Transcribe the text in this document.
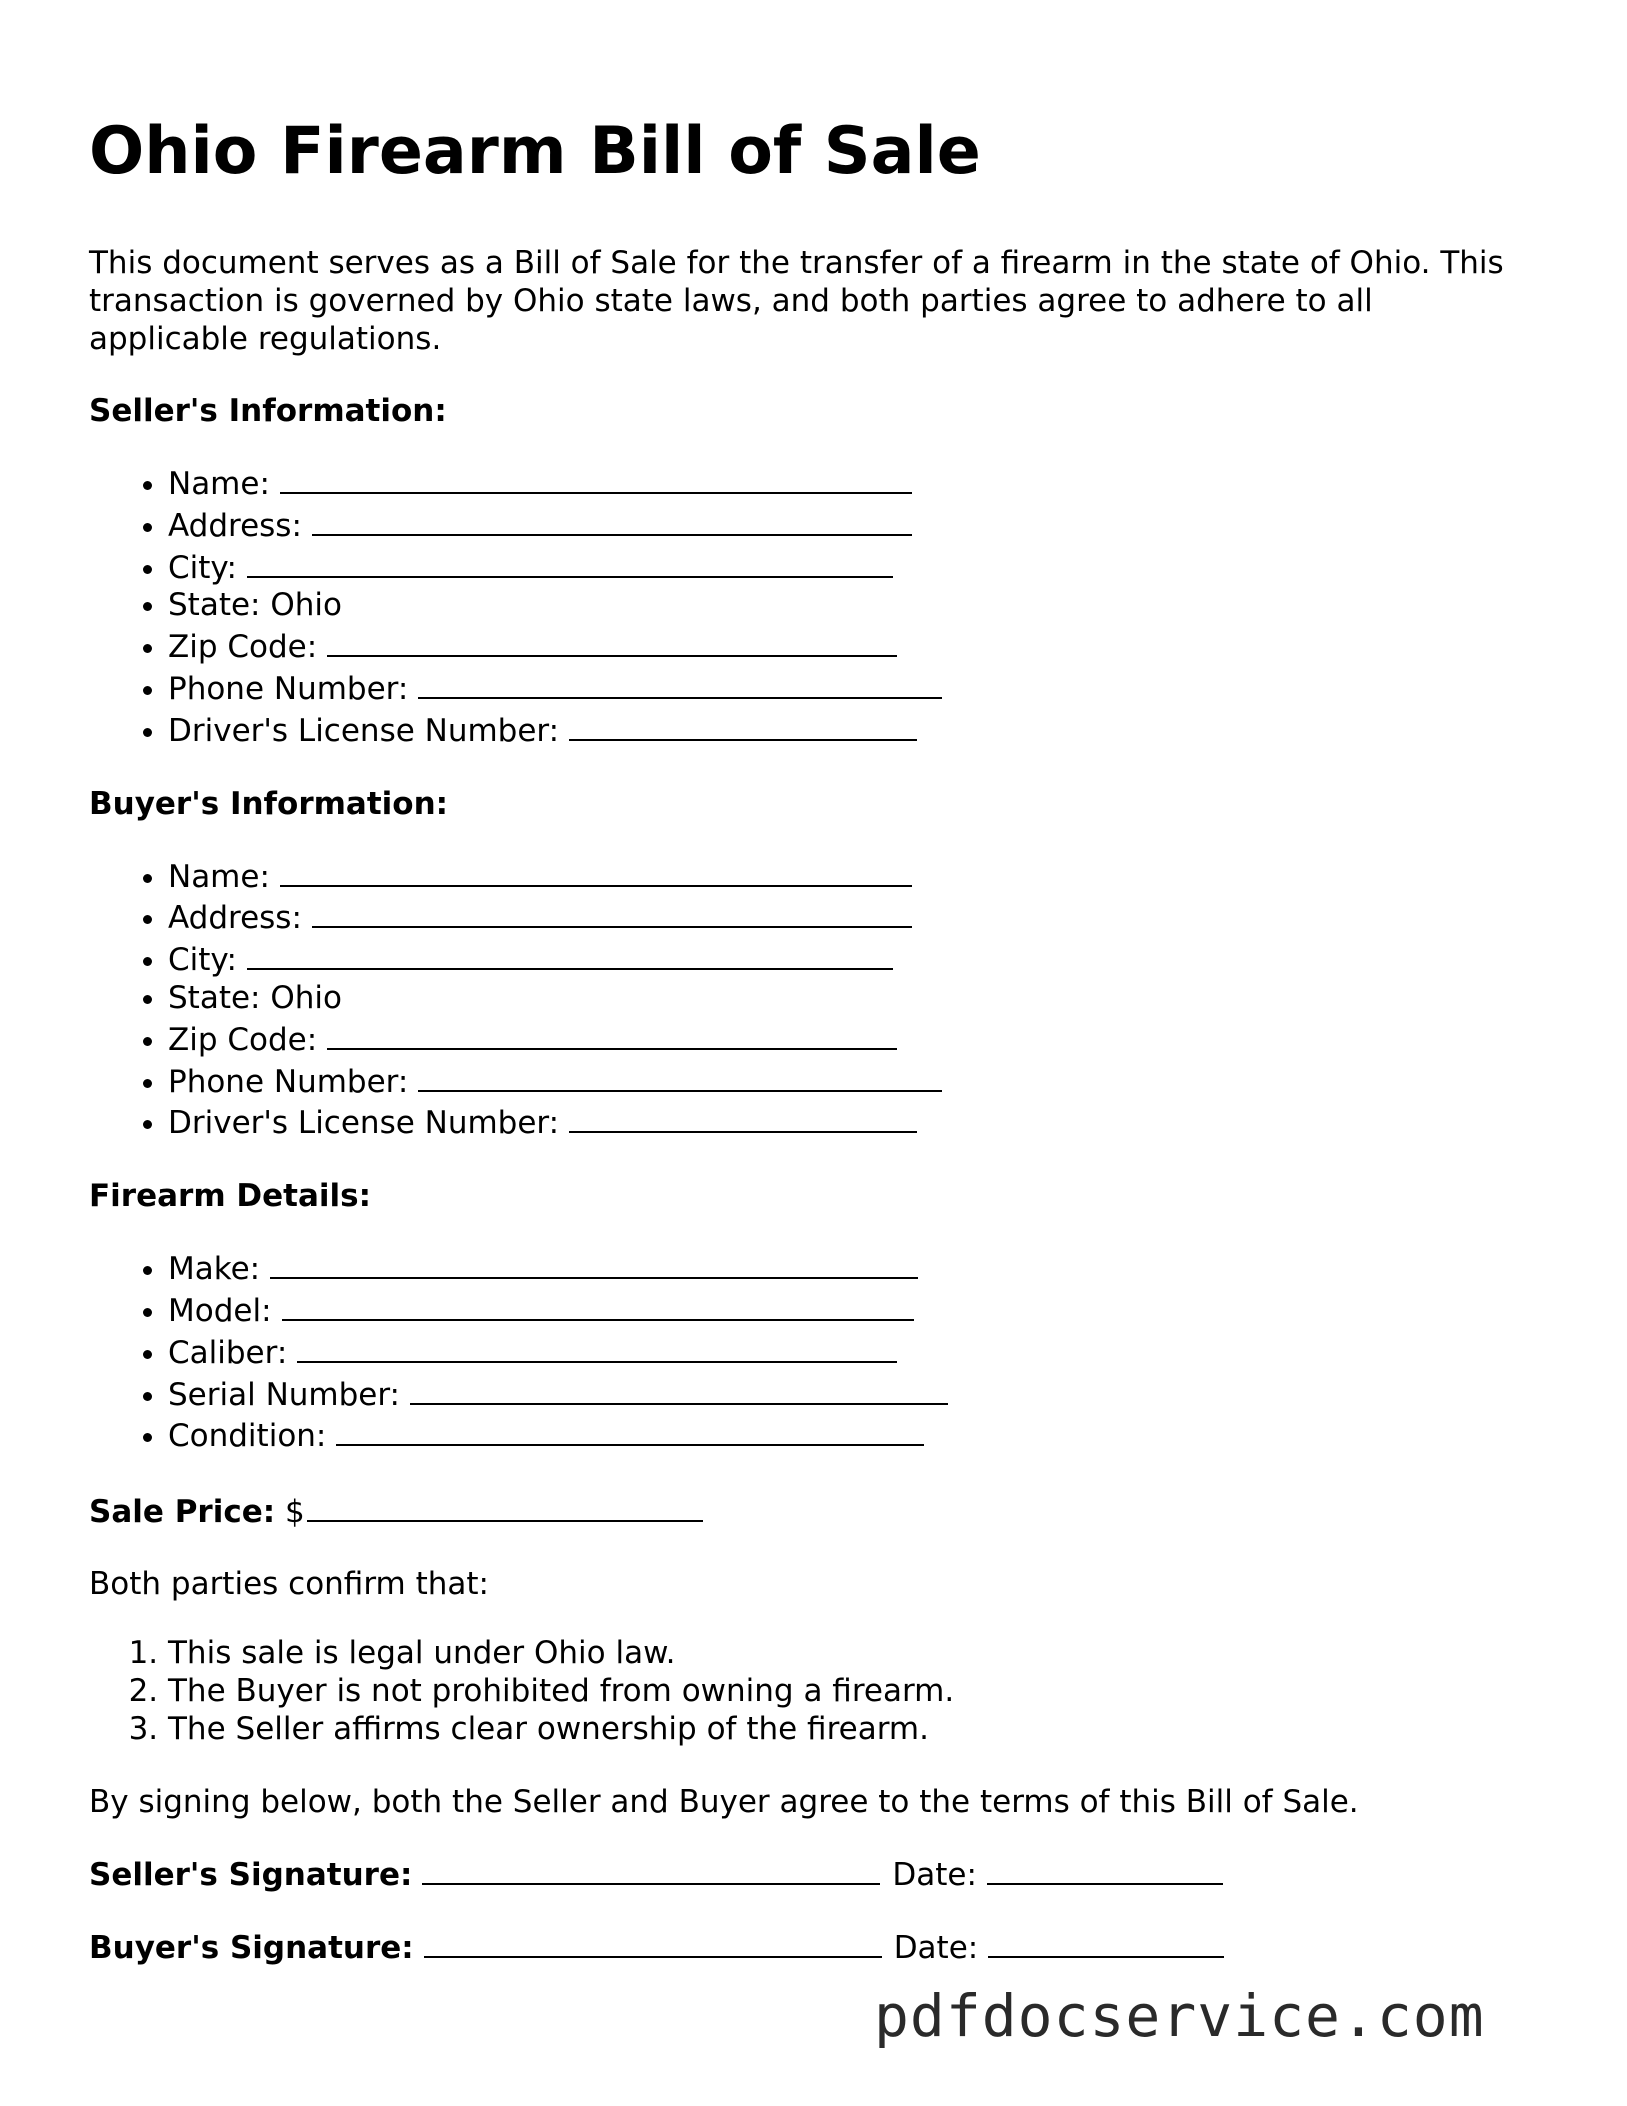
Ohio Firearm Bill of Sale

This document serves as a Bill of Sale for the transfer of a firearm in the state of Ohio. This transaction is governed by Ohio state laws, and both parties agree to adhere to all applicable regulations.

Seller's Information:

• Name:
• Address:
• City:
• State: Ohio
• Zip Code:
• Phone Number:
• Driver's License Number:

Buyer's Information:

• Name:
• Address:
• City:
• State: Ohio
• Zip Code:
• Phone Number:
• Driver's License Number:

Firearm Details:

• Make:
• Model:
• Caliber:
• Serial Number:
• Condition:

Sale Price: $

Both parties confirm that:

1. This sale is legal under Ohio law.
2. The Buyer is not prohibited from owning a firearm.
3. The Seller affirms clear ownership of the firearm.

By signing below, both the Seller and Buyer agree to the terms of this Bill of Sale.

Seller's Signature:	Date:

Buyer's Signature:	Date:

pdfdocservice.com
